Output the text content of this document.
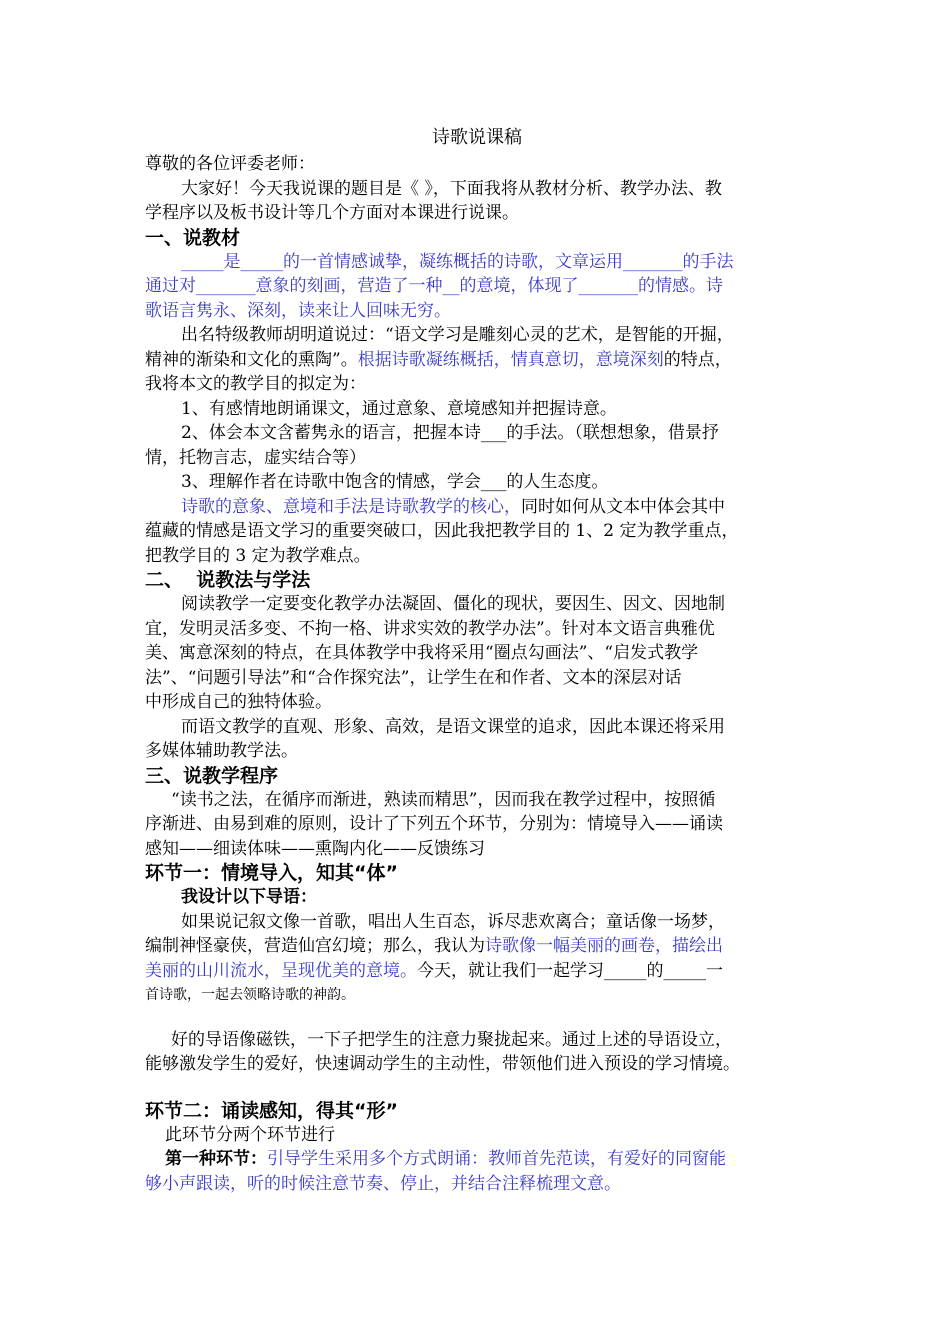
诗歌说课稿
尊敬的各位评委老师：
大家好！今天我说课的题目是《 》，下面我将从教材分析、教学办法、教
学程序以及板书设计等几个方面对本课进行说课。
一、说教材
_____是_____的一首情感诚挚，凝练概括的诗歌，文章运用_______的手法
通过对_______意象的刻画，营造了一种__的意境，体现了_______的情感。诗
歌语言隽永、深刻，读来让人回味无穷。
出名特级教师胡明道说过：“语文学习是雕刻心灵的艺术，是智能的开掘，
精神的渐染和文化的熏陶”。根据诗歌凝练概括，情真意切，意境深刻的特点，
我将本文的教学目的拟定为：
1、有感情地朗诵课文，通过意象、意境感知并把握诗意。
2、体会本文含蓄隽永的语言，把握本诗___的手法。（联想想象，借景抒
情，托物言志，虚实结合等）
3、理解作者在诗歌中饱含的情感，学会___的人生态度。
诗歌的意象、意境和手法是诗歌教学的核心，同时如何从文本中体会其中
蕴藏的情感是语文学习的重要突破口，因此我把教学目的 1、2 定为教学重点，
把教学目的 3 定为教学难点。
二、  说教法与学法
阅读教学一定要变化教学办法凝固、僵化的现状，要因生、因文、因地制
宜，发明灵活多变、不拘一格、讲求实效的教学办法”。针对本文语言典雅优
美、寓意深刻的特点，在具体教学中我将采用“圈点勾画法”、“启发式教学
法”、“问题引导法”和“合作探究法”，让学生在和作者、文本的深层对话
中形成自己的独特体验。
而语文教学的直观、形象、高效，是语文课堂的追求，因此本课还将采用
多媒体辅助教学法。
三、说教学程序
“读书之法，在循序而渐进，熟读而精思”，因而我在教学过程中，按照循
序渐进、由易到难的原则，设计了下列五个环节，分别为：情境导入——诵读
感知——细读体味——熏陶内化——反馈练习
环节一：情境导入，知其“体”
我设计以下导语：
如果说记叙文像一首歌，唱出人生百态，诉尽悲欢离合；童话像一场梦，
编制神怪豪侠，营造仙宫幻境；那么，我认为诗歌像一幅美丽的画卷，描绘出
美丽的山川流水，呈现优美的意境。今天，就让我们一起学习_____的_____一
首诗歌，一起去领略诗歌的神韵。
好的导语像磁铁，一下子把学生的注意力聚拢起来。通过上述的导语设立，
能够激发学生的爱好，快速调动学生的主动性，带领他们进入预设的学习情境。
环节二：诵读感知，得其“形”
此环节分两个环节进行
第一种环节：引导学生采用多个方式朗诵：教师首先范读，有爱好的同窗能
够小声跟读，听的时候注意节奏、停止，并结合注释梳理文意。
